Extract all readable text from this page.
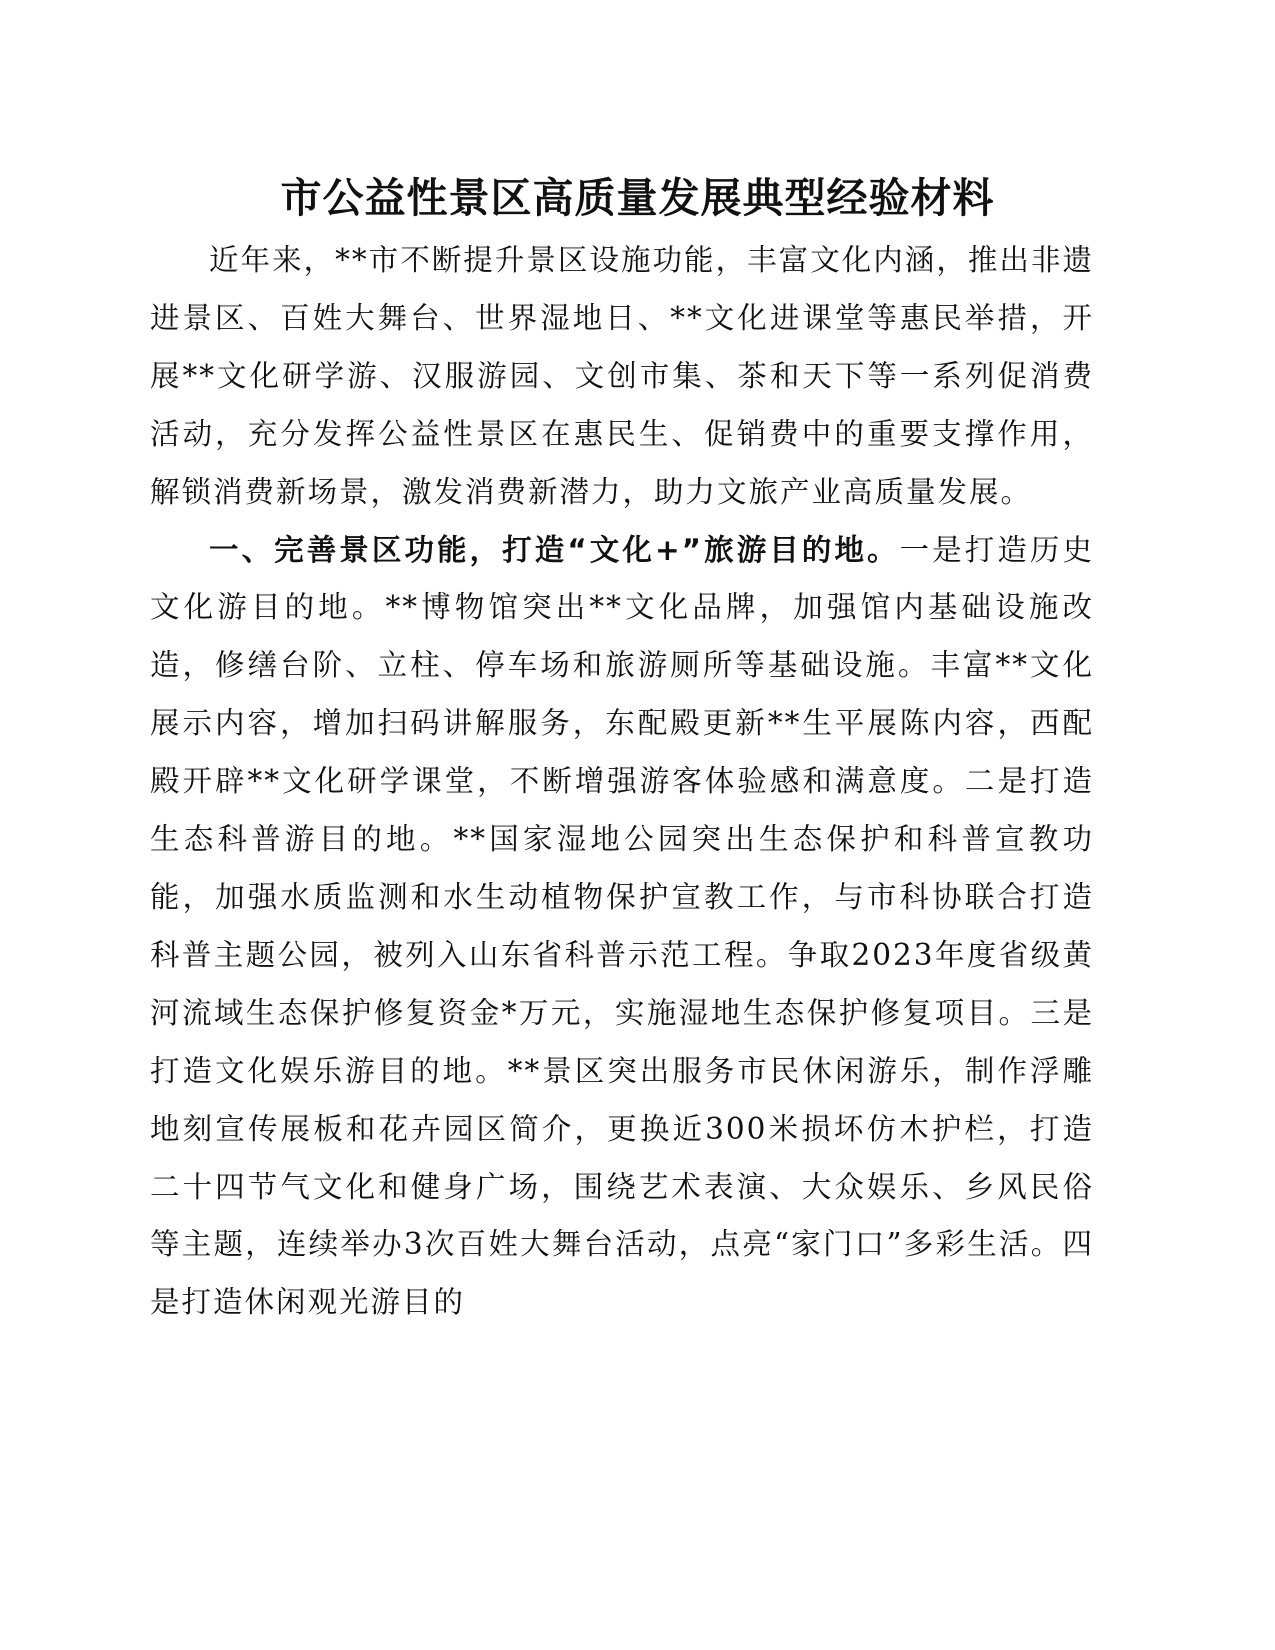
市公益性景区高质量发展典型经验材料

近年来，**市不断提升景区设施功能，丰富文化内涵，推出非遗进景区、百姓大舞台、世界湿地日、**文化进课堂等惠民举措，开展**文化研学游、汉服游园、文创市集、茶和天下等一系列促消费活动，充分发挥公益性景区在惠民生、促销费中的重要支撑作用，解锁消费新场景，激发消费新潜力，助力文旅产业高质量发展。

一、完善景区功能，打造“文化+”旅游目的地。一是打造历史文化游目的地。**博物馆突出**文化品牌，加强馆内基础设施改造，修缮台阶、立柱、停车场和旅游厕所等基础设施。丰富**文化展示内容，增加扫码讲解服务，东配殿更新**生平展陈内容，西配殿开辟**文化研学课堂，不断增强游客体验感和满意度。二是打造生态科普游目的地。**国家湿地公园突出生态保护和科普宣教功能，加强水质监测和水生动植物保护宣教工作，与市科协联合打造科普主题公园，被列入山东省科普示范工程。争取2023年度省级黄河流域生态保护修复资金*万元，实施湿地生态保护修复项目。三是打造文化娱乐游目的地。**景区突出服务市民休闲游乐，制作浮雕地刻宣传展板和花卉园区简介，更换近300米损坏仿木护栏，打造二十四节气文化和健身广场，围绕艺术表演、大众娱乐、乡风民俗等主题，连续举办3次百姓大舞台活动，点亮“家门口”多彩生活。四是打造休闲观光游目的
